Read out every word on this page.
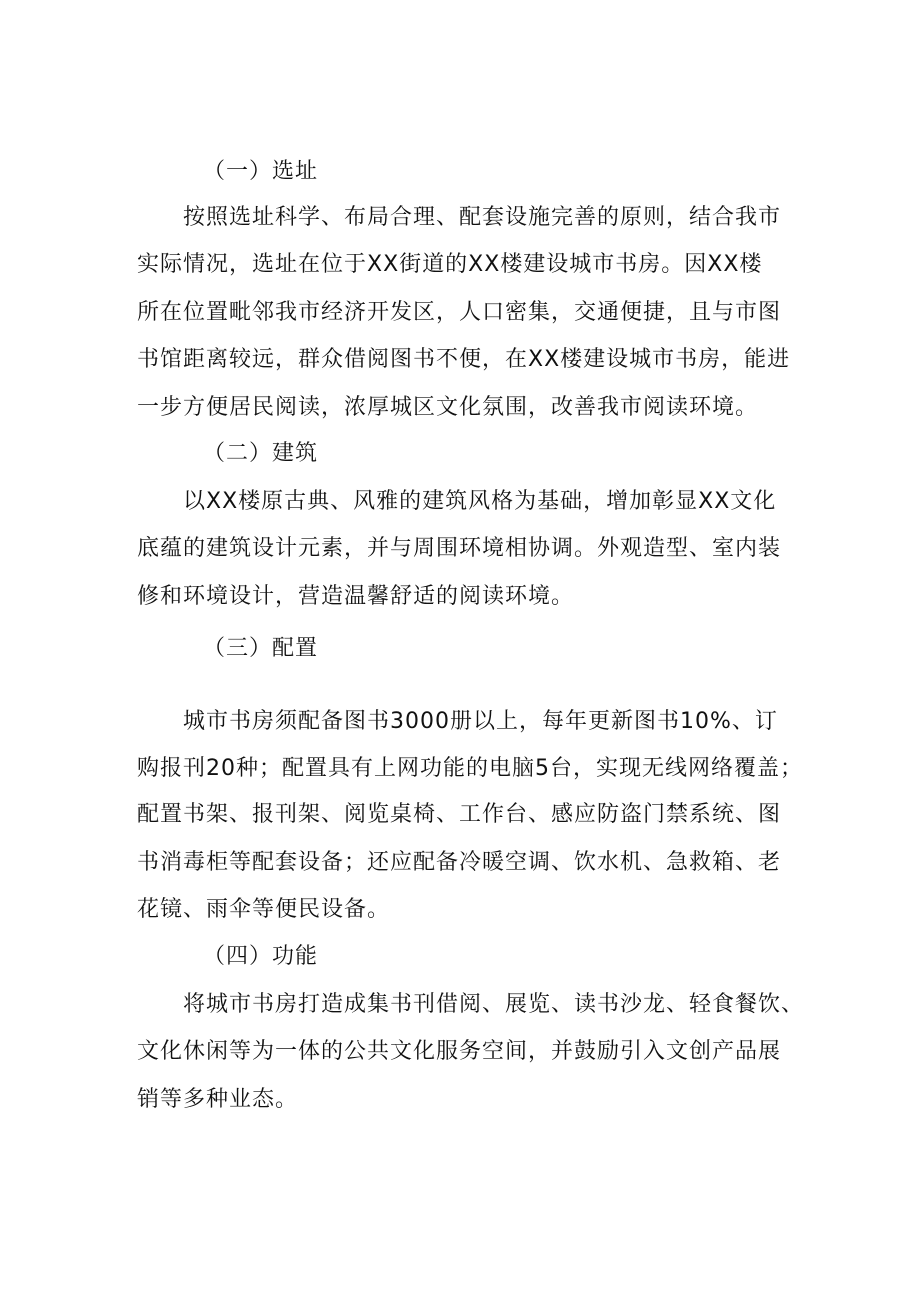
（一）选址
按照选址科学、布局合理、配套设施完善的原则，结合我市
实际情况，选址在位于XX街道的XX楼建设城市书房。因XX楼
所在位置毗邻我市经济开发区，人口密集，交通便捷，且与市图
书馆距离较远，群众借阅图书不便，在XX楼建设城市书房，能进
一步方便居民阅读，浓厚城区文化氛围，改善我市阅读环境。
（二）建筑
以XX楼原古典、风雅的建筑风格为基础，增加彰显XX文化
底蕴的建筑设计元素，并与周围环境相协调。外观造型、室内装
修和环境设计，营造温馨舒适的阅读环境。
（三）配置
城市书房须配备图书3000册以上，每年更新图书10%、订
购报刊20种；配置具有上网功能的电脑5台，实现无线网络覆盖；
配置书架、报刊架、阅览桌椅、工作台、感应防盗门禁系统、图
书消毒柜等配套设备；还应配备冷暖空调、饮水机、急救箱、老
花镜、雨伞等便民设备。
（四）功能
将城市书房打造成集书刊借阅、展览、读书沙龙、轻食餐饮、
文化休闲等为一体的公共文化服务空间，并鼓励引入文创产品展
销等多种业态。
